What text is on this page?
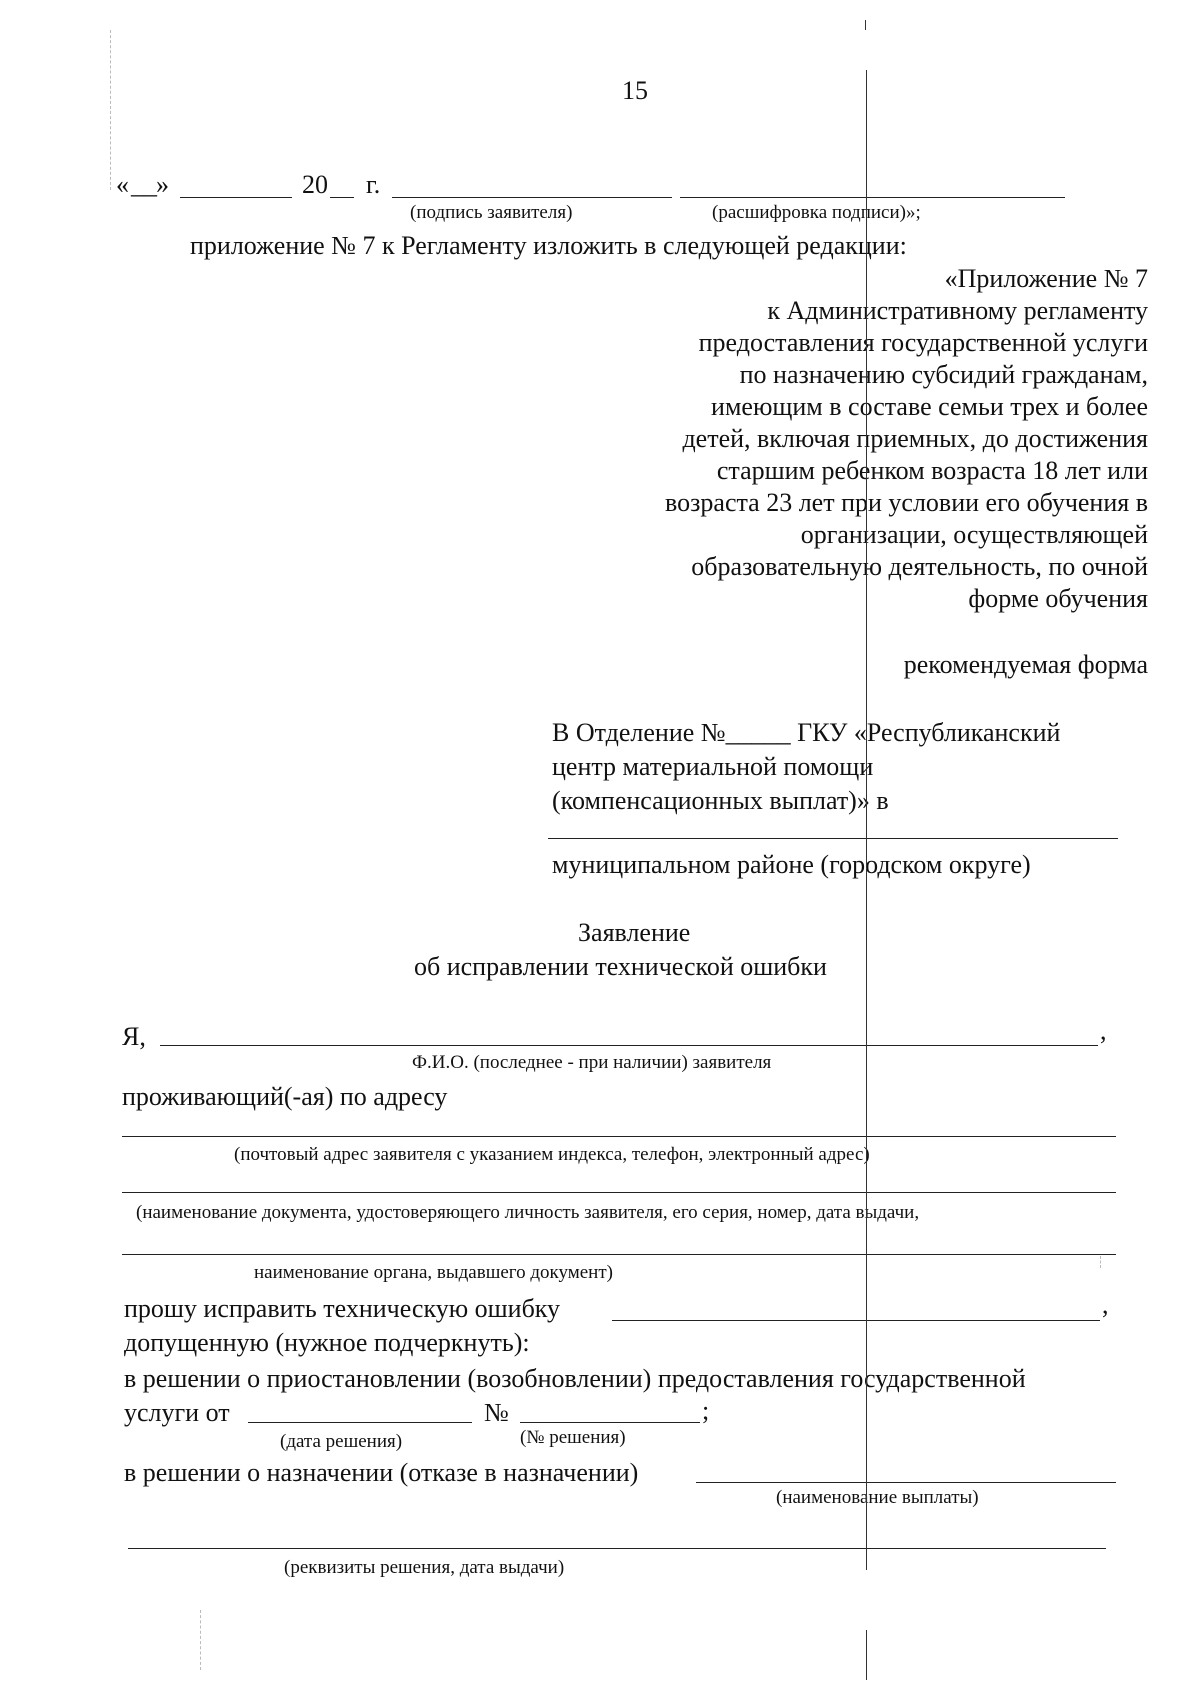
15
« __ »	20 г.
(подпись заявителя)	(расшифровка подписи)»;
приложение № 7 к Регламенту изложить в следующей редакции:
«Приложение № 7
к Административному регламенту
предоставления государственной услуги
по назначению субсидий гражданам,
имеющим в составе семьи трех и более
детей, включая приемных, до достижения
старшим ребенком возраста 18 лет или
возраста 23 лет при условии его обучения в
организации, осуществляющей
образовательную деятельность, по очной
форме обучения
рекомендуемая форма
В Отделение №_____ ГКУ «Республиканский
центр материальной помощи
(компенсационных выплат)» в
муниципальном районе (городском округе)
Заявление
об исправлении технической ошибки
Я,	,
Ф.И.О. (последнее - при наличии) заявителя
проживающий(-ая) по адресу
(почтовый адрес заявителя с указанием индекса, телефон, электронный адрес)
(наименование документа, удостоверяющего личность заявителя, его серия, номер, дата выдачи,
наименование органа, выдавшего документ)
прошу исправить техническую ошибку	,
допущенную (нужное подчеркнуть):
в решении о приостановлении (возобновлении) предоставления государственной
услуги от	№	;
(дата решения)	(№ решения)
в решении о назначении (отказе в назначении)
(наименование выплаты)
(реквизиты решения, дата выдачи)
